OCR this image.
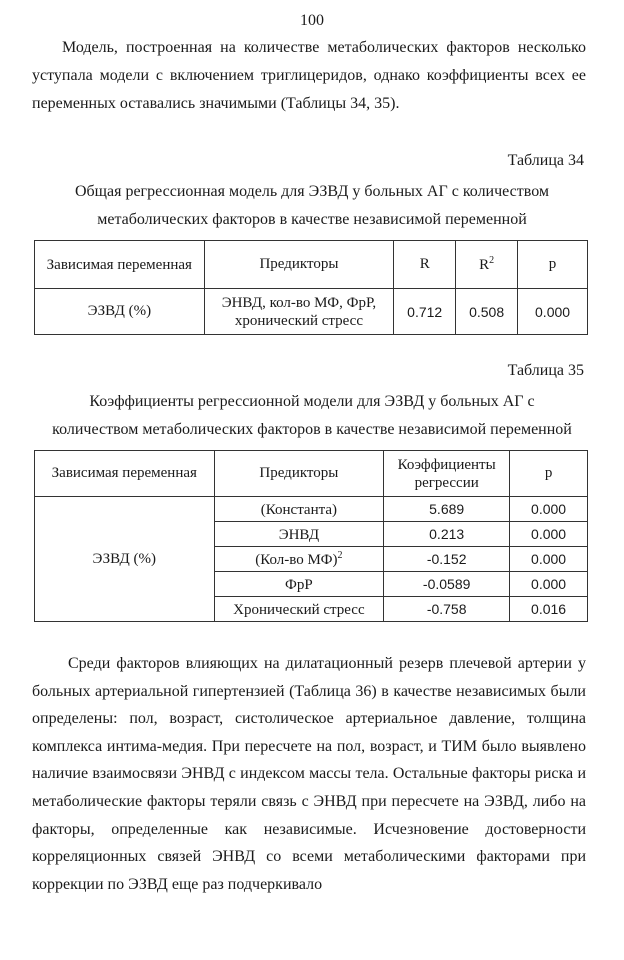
100

Модель, построенная на количестве метаболических факторов несколько уступала модели с включением триглицеридов, однако коэффициенты всех ее переменных оставались значимыми (Таблицы 34, 35).

Таблица 34
Общая регрессионная модель для ЭЗВД у больных АГ с количеством
метаболических факторов в качестве независимой переменной
Зависимая переменная	Предикторы	R	$R^2$	p
ЭЗВД (%)	ЭНВД, кол-во МФ, ФрР, хронический стресс	0.712	0.508	0.000
Таблица 35
Коэффициенты регрессионной модели для ЭЗВД у больных АГ с
количеством метаболических факторов в качестве независимой переменной
Зависимая переменная	Предикторы	Коэффициенты регрессии	p
ЭЗВД (%)	(Константа)	5.689	0.000
	ЭНВД	0.213	0.000
	(Кол-во МФ)$^2$	-0.152	0.000
	ФрР	-0.0589	0.000
	Хронический стресс	-0.758	0.016

Среди факторов влияющих на дилатационный резерв плечевой артерии у больных артериальной гипертензией (Таблица 36) в качестве независимых были определены: пол, возраст, систолическое артериальное давление, толщина комплекса интима-медия. При пересчете на пол, возраст, и ТИМ было выявлено наличие взаимосвязи ЭНВД с индексом массы тела. Остальные факторы риска и метаболические факторы теряли связь с ЭНВД при пересчете на ЭЗВД, либо на факторы, определенные как независимые. Исчезновение достоверности корреляционных связей ЭНВД со всеми метаболическими факторами при коррекции по ЭЗВД еще раз подчеркивало
